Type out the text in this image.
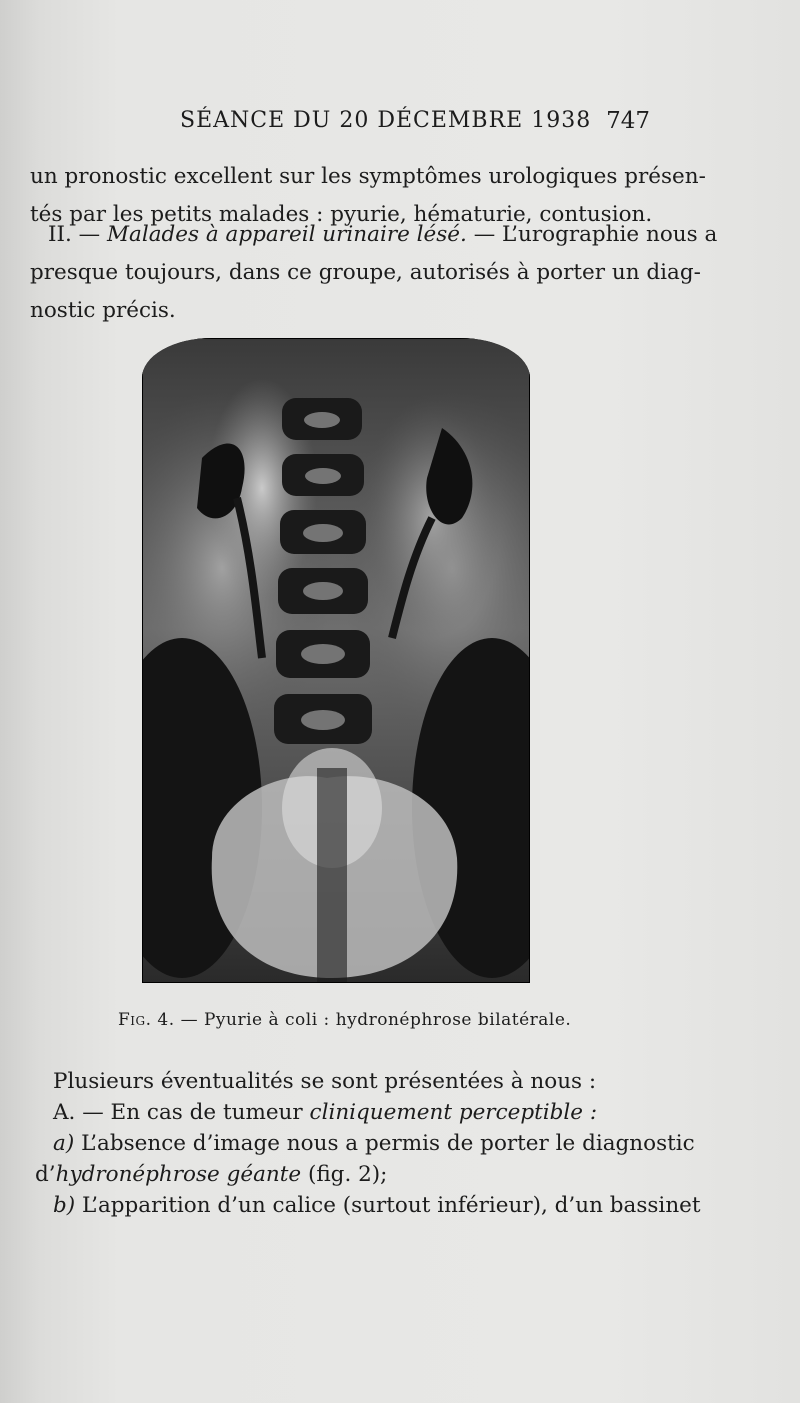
SÉANCE DU 20 DÉCEMBRE 1938 747
un pronostic excellent sur les symptômes urologiques présen-
tés par les petits malades : pyurie, hématurie, contusion.
II. — Malades à appareil urinaire lésé. — L’urographie nous a
presque toujours, dans ce groupe, autorisés à porter un diag-
nostic précis.
Fig. 4. — Pyurie à coli : hydronéphrose bilatérale.
Plusieurs éventualités se sont présentées à nous :
A. — En cas de tumeur cliniquement perceptible :
a) L’absence d’image nous a permis de porter le diagnostic
d’hydronéphrose géante (fig. 2);
b) L’apparition d’un calice (surtout inférieur), d’un bassinet
